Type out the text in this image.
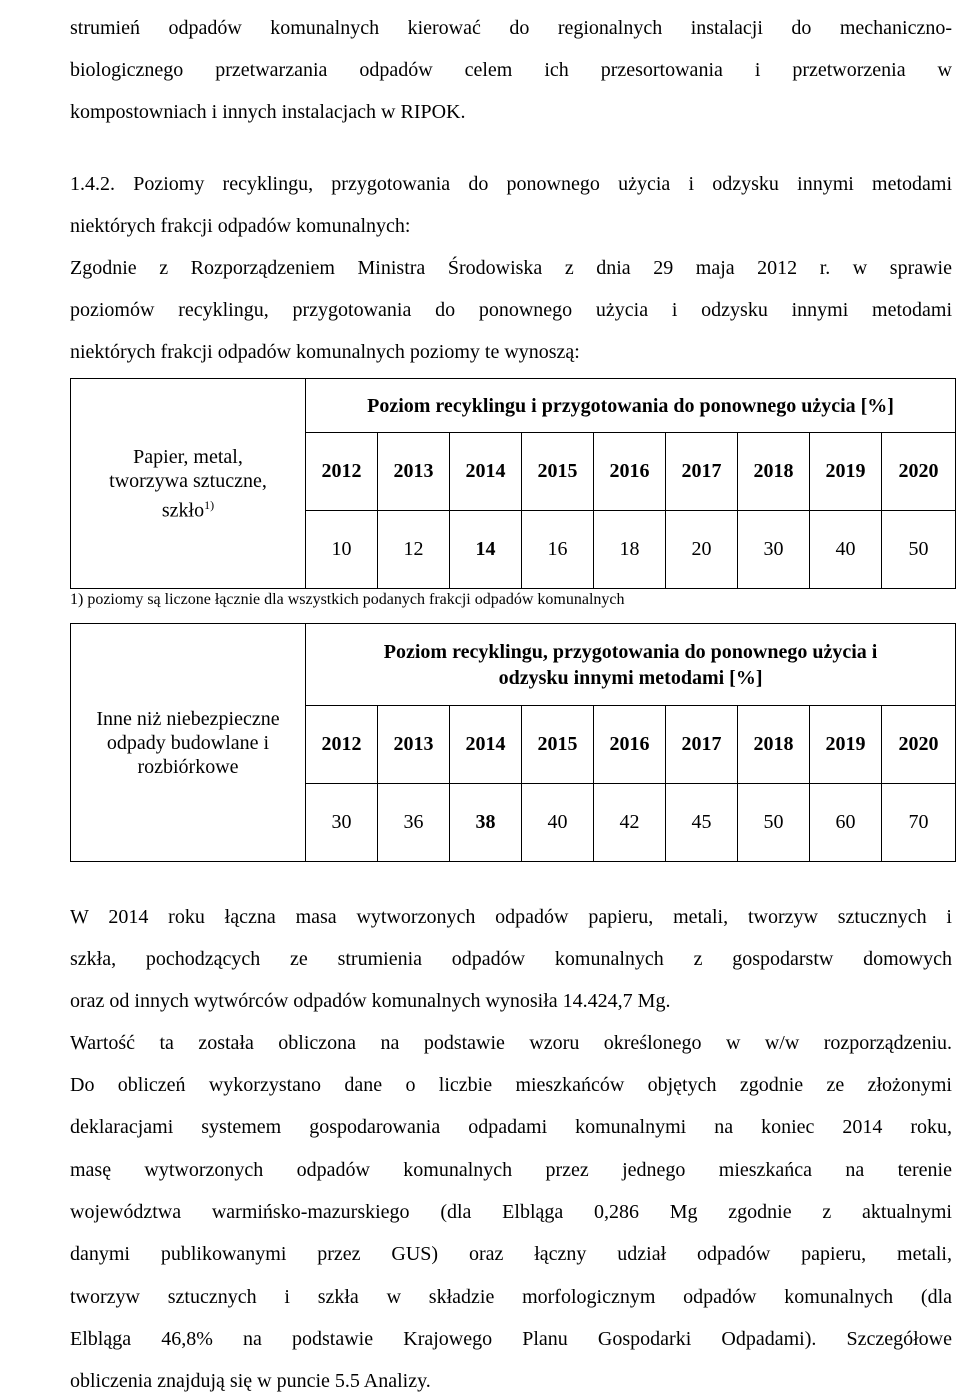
strumień odpadów komunalnych kierować do regionalnych instalacji do mechaniczno-

biologicznego przetwarzania odpadów celem ich przesortowania i przetworzenia w

kompostowniach i innych instalacjach w RIPOK.

1.4.2. Poziomy recyklingu, przygotowania do ponownego użycia i odzysku innymi metodami

niektórych frakcji odpadów komunalnych:

Zgodnie z Rozporządzeniem Ministra Środowiska z dnia 29 maja 2012 r. w sprawie

poziomów recyklingu, przygotowania do ponownego użycia i odzysku innymi metodami

niektórych frakcji odpadów komunalnych poziomy te wynoszą:

Papier, metal,
tworzywa sztuczne,
szkło$^{1)}$	Poziom recyklingu i przygotowania do ponownego użycia [%]								
	2012	2013	2014	2015	2016	2017	2018	2019	2020
	10	12	14	16	18	20	30	40	50

1) poziomy są liczone łącznie dla wszystkich podanych frakcji odpadów komunalnych

Inne niż niebezpieczne
odpady budowlane i
rozbiórkowe	Poziom recyklingu, przygotowania do ponownego użycia i
odzysku innymi metodami [%]								
	2012	2013	2014	2015	2016	2017	2018	2019	2020
	30	36	38	40	42	45	50	60	70

W 2014 roku łączna masa wytworzonych odpadów papieru, metali, tworzyw sztucznych i

szkła, pochodzących ze strumienia odpadów komunalnych z gospodarstw domowych

oraz od innych wytwórców odpadów komunalnych wynosiła 14.424,7 Mg.

Wartość ta została obliczona na podstawie wzoru określonego w w/w rozporządzeniu.

Do obliczeń wykorzystano dane o liczbie mieszkańców objętych zgodnie ze złożonymi

deklaracjami systemem gospodarowania odpadami komunalnymi na koniec 2014 roku,

masę wytworzonych odpadów komunalnych przez jednego mieszkańca na terenie

województwa warmińsko-mazurskiego (dla Elbląga 0,286 Mg zgodnie z aktualnymi

danymi publikowanymi przez GUS) oraz łączny udział odpadów papieru, metali,

tworzyw sztucznych i szkła w składzie morfologicznym odpadów komunalnych (dla

Elbląga 46,8% na podstawie Krajowego Planu Gospodarki Odpadami). Szczegółowe

obliczenia znajdują się w puncie 5.5 Analizy.
